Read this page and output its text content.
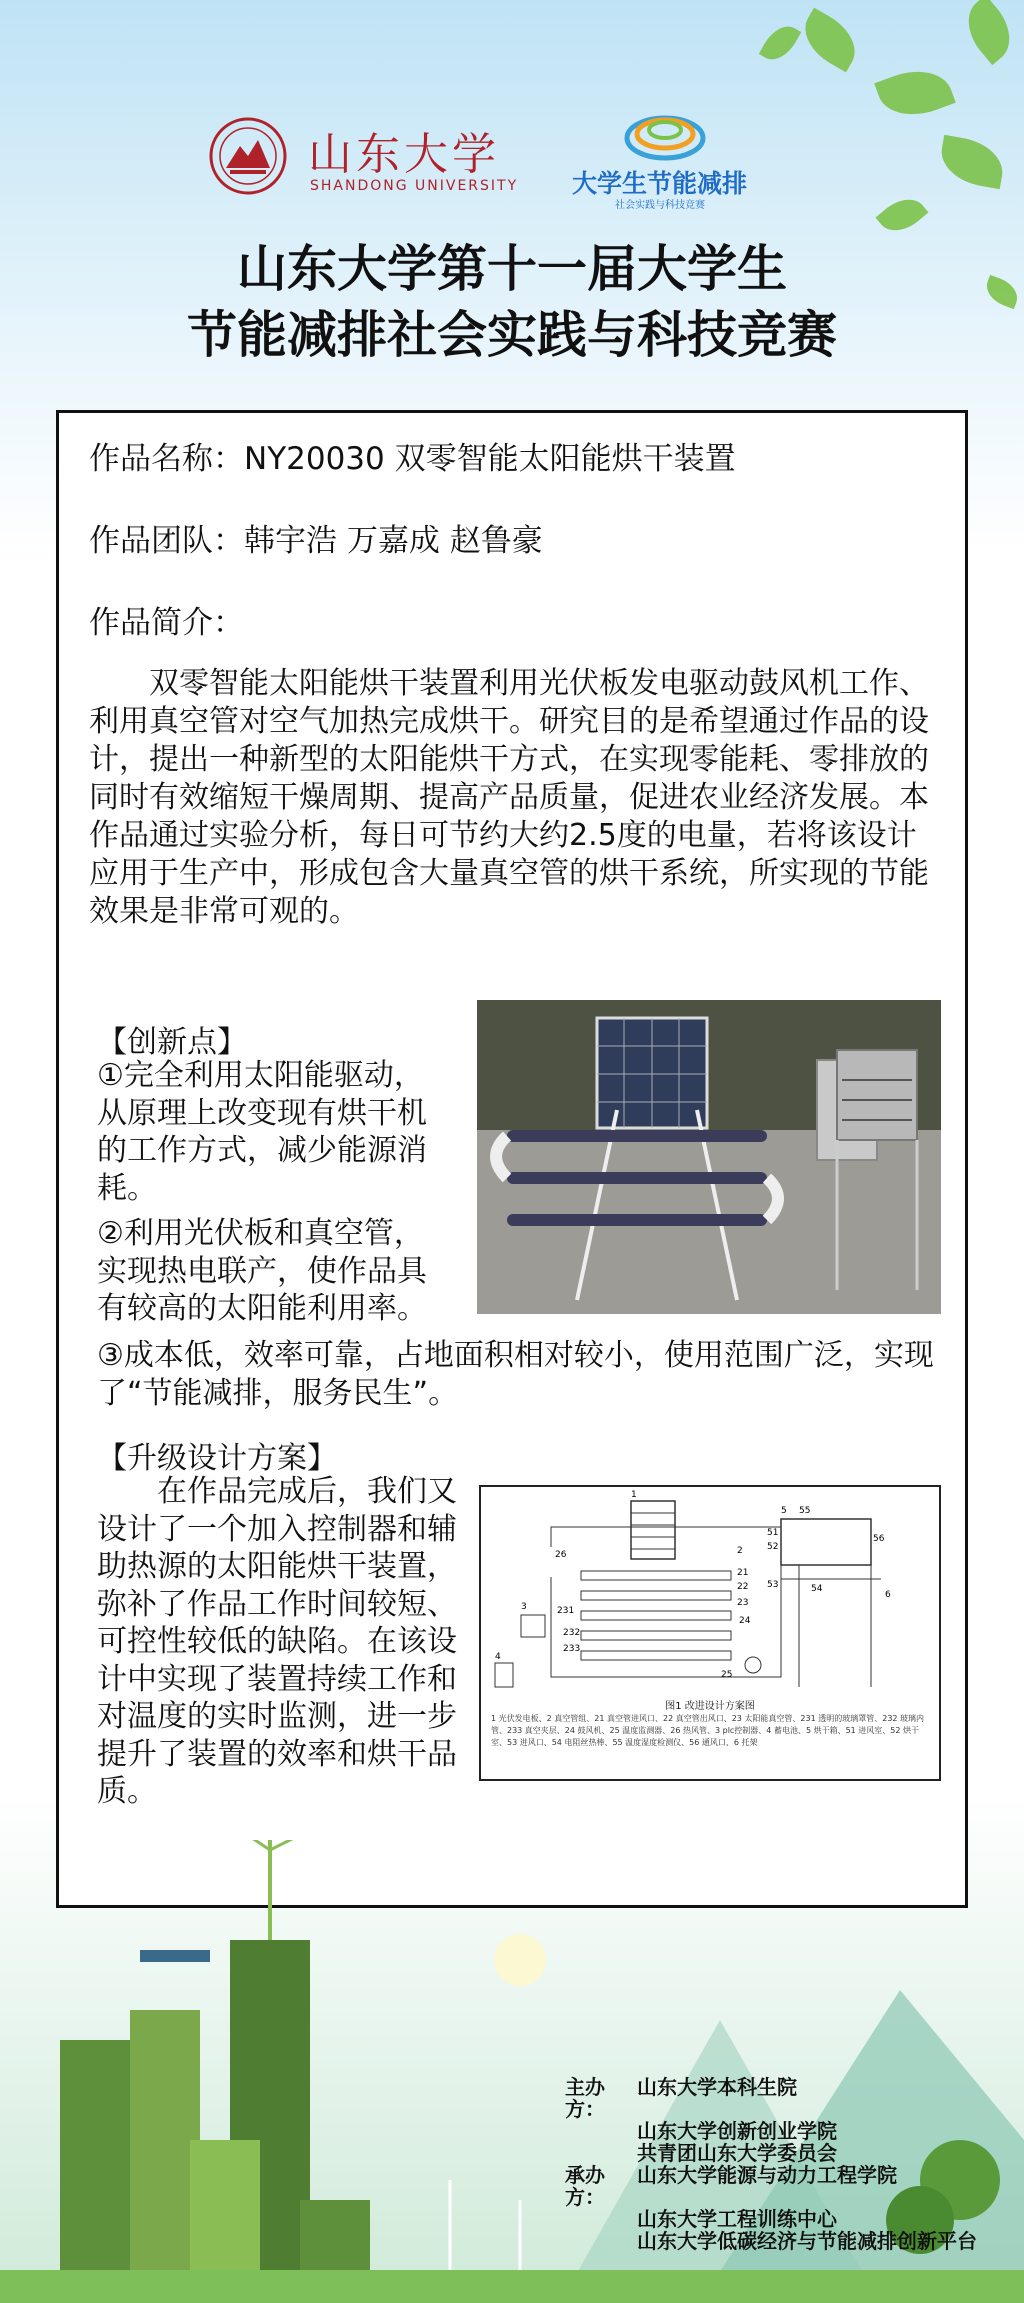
山东大学
SHANDONG UNIVERSITY 大学生节能减排
社会实践与科技竞赛
山东大学第十一届大学生
节能减排社会实践与科技竞赛
作品名称：NY20030 双零智能太阳能烘干装置
作品团队：韩宇浩 万嘉成 赵鲁豪
作品简介：
　　双零智能太阳能烘干装置利用光伏板发电驱动鼓风机工作、利用真空管对空气加热完成烘干。研究目的是希望通过作品的设计，提出一种新型的太阳能烘干方式，在实现零能耗、零排放的同时有效缩短干燥周期、提高产品质量，促进农业经济发展。本作品通过实验分析，每日可节约大约2.5度的电量，若将该设计应用于生产中，形成包含大量真空管的烘干系统，所实现的节能效果是非常可观的。
【创新点】
①完全利用太阳能驱动，从原理上改变现有烘干机的工作方式，减少能源消耗。
②利用光伏板和真空管，实现热电联产，使作品具有较高的太阳能利用率。
③成本低，效率可靠，占地面积相对较小，使用范围广泛，实现了“节能减排，服务民生”。
【升级设计方案】
　　在作品完成后，我们又设计了一个加入控制器和辅助热源的太阳能烘干装置，弥补了作品工作时间较短、可控性较低的缺陷。在该设计中实现了装置持续工作和对温度的实时监测，进一步提升了装置的效率和烘干品质。
1
2
21
22
23
24
25
26
231
232
233
3
4
5
51
52
53	54
55
56
6
图1 改进设计方案图
1 光伏发电板、2 真空管组、21 真空管进风口、22 真空管出风口、23 太阳能真空管、231 透明的玻璃罩管、232 玻璃内管、233 真空夹层、24 鼓风机、25 温度监测器、26 热风管、3 plc控制器、4 蓄电池、5 烘干箱、51 进风室、52 烘干室、53 进风口、54 电阻丝热棒、55 温度湿度检测仪、56 通风口、6 托架
主办方：
山东大学本科生院
山东大学创新创业学院
共青团山东大学委员会
承办方：
山东大学能源与动力工程学院
山东大学工程训练中心
山东大学低碳经济与节能减排创新平台
